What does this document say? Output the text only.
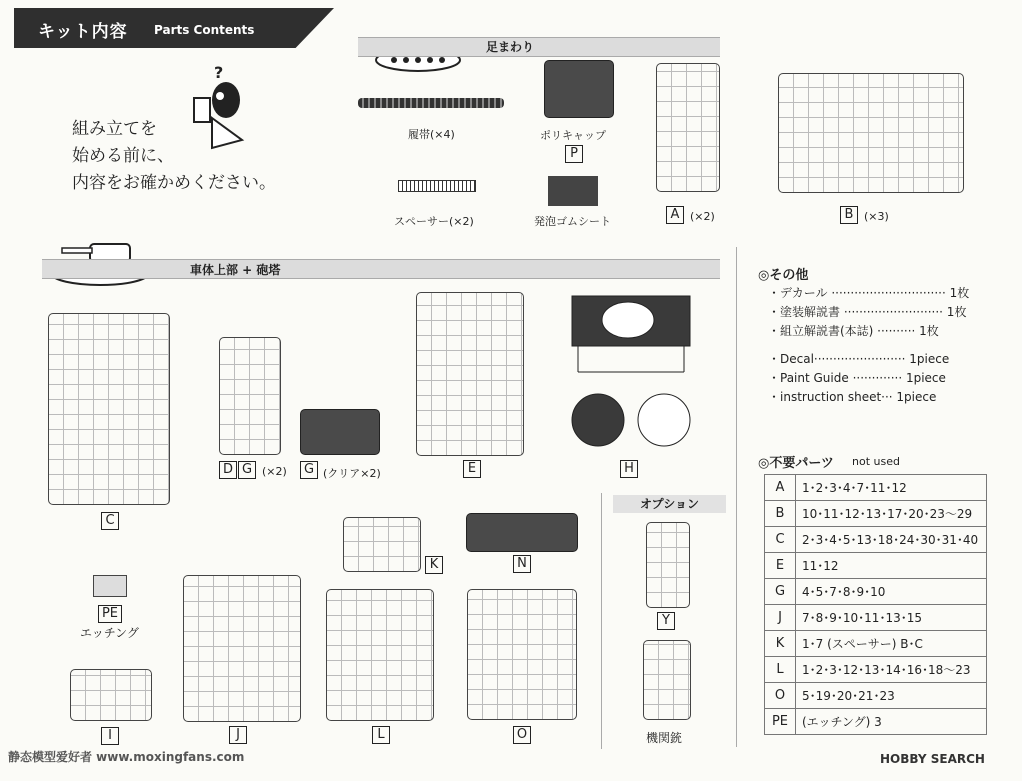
キット内容 Parts Contents
?
組み立てを
始める前に、
内容をお確かめください。
足まわり
履帯(×4)	ポリキャップ
P
スペーサー(×2)	発泡ゴムシート	A (×2)	B (×3)
車体上部 + 砲塔
C
D G (×2)	G (クリア×2)	E	H
K	N
PE
エッチング
I	J	L	O
オプション
Y
機関銃
◎その他
・デカール ······························ 1枚
・塗装解説書 ·························· 1枚
・組立解説書(本誌) ·········· 1枚
・Decal························ 1piece
・Paint Guide ············· 1piece
・instruction sheet··· 1piece
◎不要パーツ not used
A	1･2･3･4･7･11･12
B	10･11･12･13･17･20･23〜29
C	2･3･4･5･13･18･24･30･31･40
E	11･12
G	4･5･7･8･9･10
J	7･8･9･10･11･13･15
K	1･7 (スペーサー) B･C
L	1･2･3･12･13･14･16･18〜23
O	5･19･20･21･23
PE	(エッチング) 3
静态模型爱好者 www.moxingfans.com	HOBBY SEARCH
